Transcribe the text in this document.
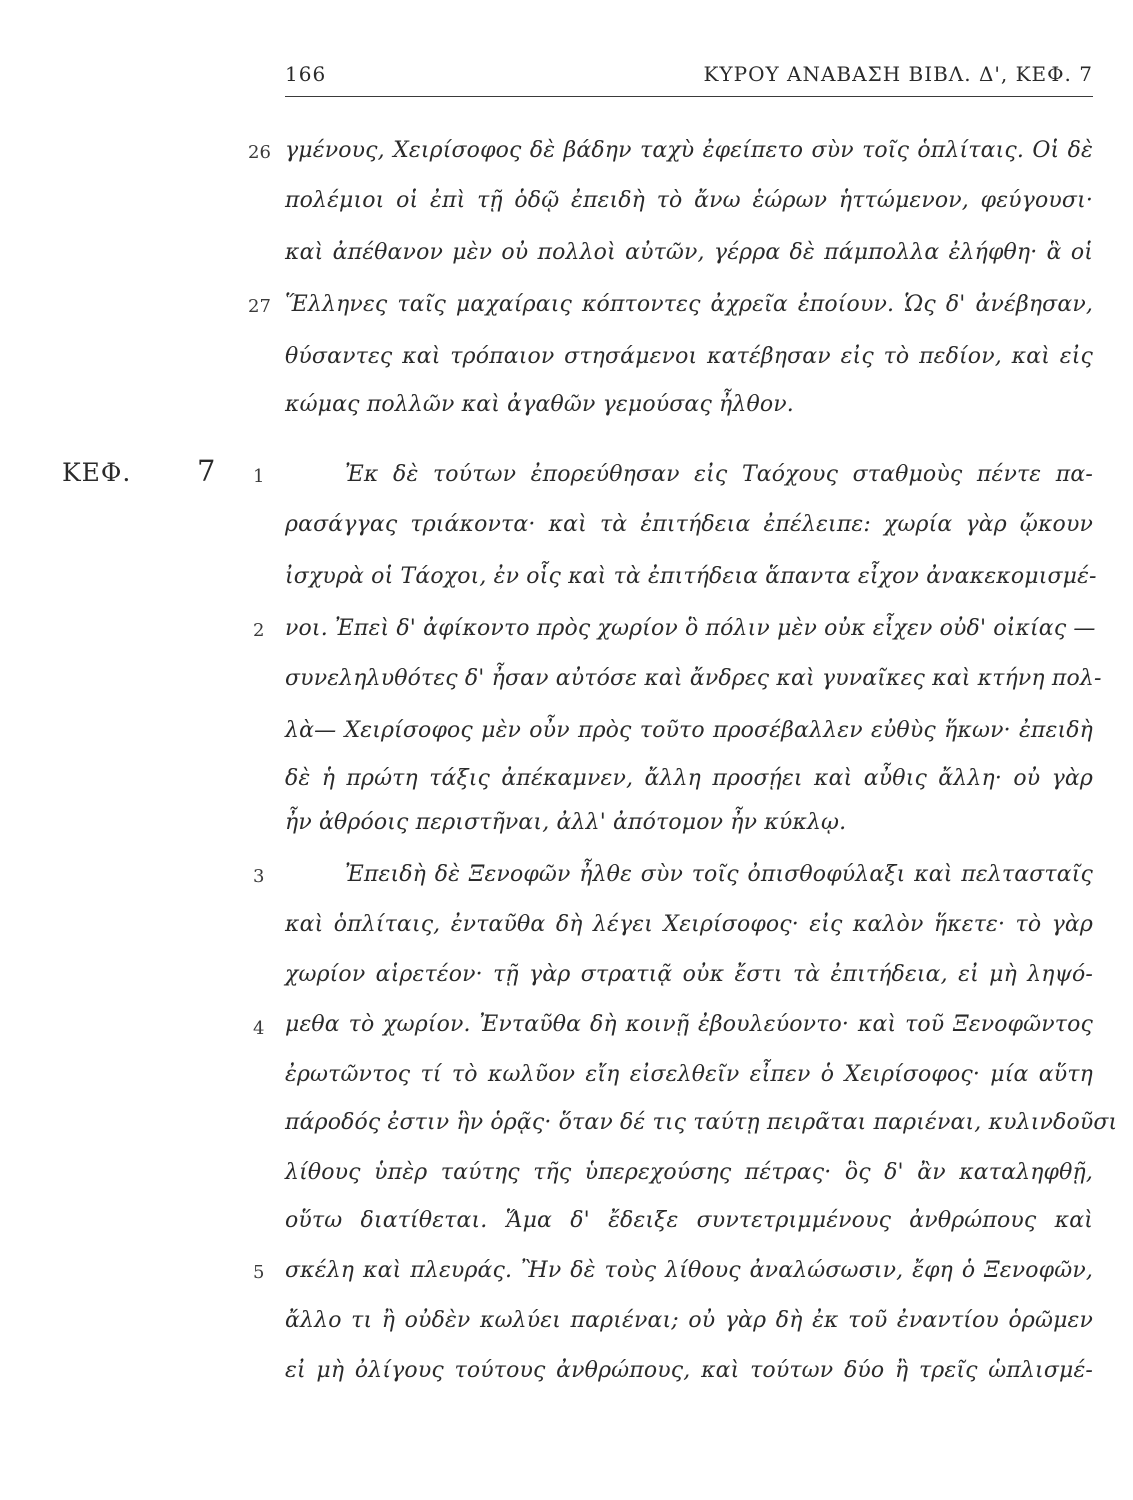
166	ΚΥΡΟΥ ΑΝΑΒΑΣΗ ΒΙΒΛ. Δ', ΚΕΦ. 7
ΚΕΦ. 7
26
27
1
2
3
4
5
γμένους, Χειρίσοφος δὲ βάδην ταχὺ ἐφείπετο σὺν τοῖς ὁπλίταις. Οἱ δὲ
πολέμιοι οἱ ἐπὶ τῇ ὁδῷ ἐπειδὴ τὸ ἄνω ἑώρων ἡττώμενον, φεύγουσι·
καὶ ἀπέθανον μὲν οὐ πολλοὶ αὐτῶν, γέρρα δὲ πάμπολλα ἐλήφθη· ἃ οἱ
Ἕλληνες ταῖς μαχαίραις κόπτοντες ἀχρεῖα ἐποίουν. Ὡς δ' ἀνέβησαν,
θύσαντες καὶ τρόπαιον στησάμενοι κατέβησαν εἰς τὸ πεδίον, καὶ εἰς
κώμας πολλῶν καὶ ἀγαθῶν γεμούσας ἦλθον.
Ἐκ δὲ τούτων ἐπορεύθησαν εἰς Ταόχους σταθμοὺς πέντε πα-
ρασάγγας τριάκοντα· καὶ τὰ ἐπιτήδεια ἐπέλειπε: χωρία γὰρ ᾤκουν
ἰσχυρὰ οἱ Τάοχοι, ἐν οἷς καὶ τὰ ἐπιτήδεια ἅπαντα εἶχον ἀνακεκομισμέ-
νοι. Ἐπεὶ δ' ἀφίκοντο πρὸς χωρίον ὃ πόλιν μὲν οὐκ εἶχεν οὐδ' οἰκίας —
συνεληλυθότες δ' ἦσαν αὐτόσε καὶ ἄνδρες καὶ γυναῖκες καὶ κτήνη πολ-
λὰ— Χειρίσοφος μὲν οὖν πρὸς τοῦτο προσέβαλλεν εὐθὺς ἥκων· ἐπειδὴ
δὲ ἡ πρώτη τάξις ἀπέκαμνεν, ἄλλη προσῄει καὶ αὖθις ἄλλη· οὐ γὰρ
ἦν ἀθρόοις περιστῆναι, ἀλλ' ἀπότομον ἦν κύκλῳ.
Ἐπειδὴ δὲ Ξενοφῶν ἦλθε σὺν τοῖς ὀπισθοφύλαξι καὶ πελτασταῖς
καὶ ὁπλίταις, ἐνταῦθα δὴ λέγει Χειρίσοφος· εἰς καλὸν ἥκετε· τὸ γὰρ
χωρίον αἱρετέον· τῇ γὰρ στρατιᾷ οὐκ ἔστι τὰ ἐπιτήδεια, εἰ μὴ ληψό-
μεθα τὸ χωρίον. Ἐνταῦθα δὴ κοινῇ ἐβουλεύοντο· καὶ τοῦ Ξενοφῶντος
ἐρωτῶντος τί τὸ κωλῦον εἴη εἰσελθεῖν εἶπεν ὁ Χειρίσοφος· μία αὕτη
πάροδός ἐστιν ἣν ὁρᾷς· ὅταν δέ τις ταύτῃ πειρᾶται παριέναι, κυλινδοῦσι
λίθους ὑπὲρ ταύτης τῆς ὑπερεχούσης πέτρας· ὃς δ' ἂν καταληφθῇ,
οὕτω διατίθεται. Ἅμα δ' ἔδειξε συντετριμμένους ἀνθρώπους καὶ
σκέλη καὶ πλευράς. Ἢν δὲ τοὺς λίθους ἀναλώσωσιν, ἔφη ὁ Ξενοφῶν,
ἄλλο τι ἢ οὐδὲν κωλύει παριέναι; οὐ γὰρ δὴ ἐκ τοῦ ἐναντίου ὁρῶμεν
εἰ μὴ ὀλίγους τούτους ἀνθρώπους, καὶ τούτων δύο ἢ τρεῖς ὡπλισμέ-
